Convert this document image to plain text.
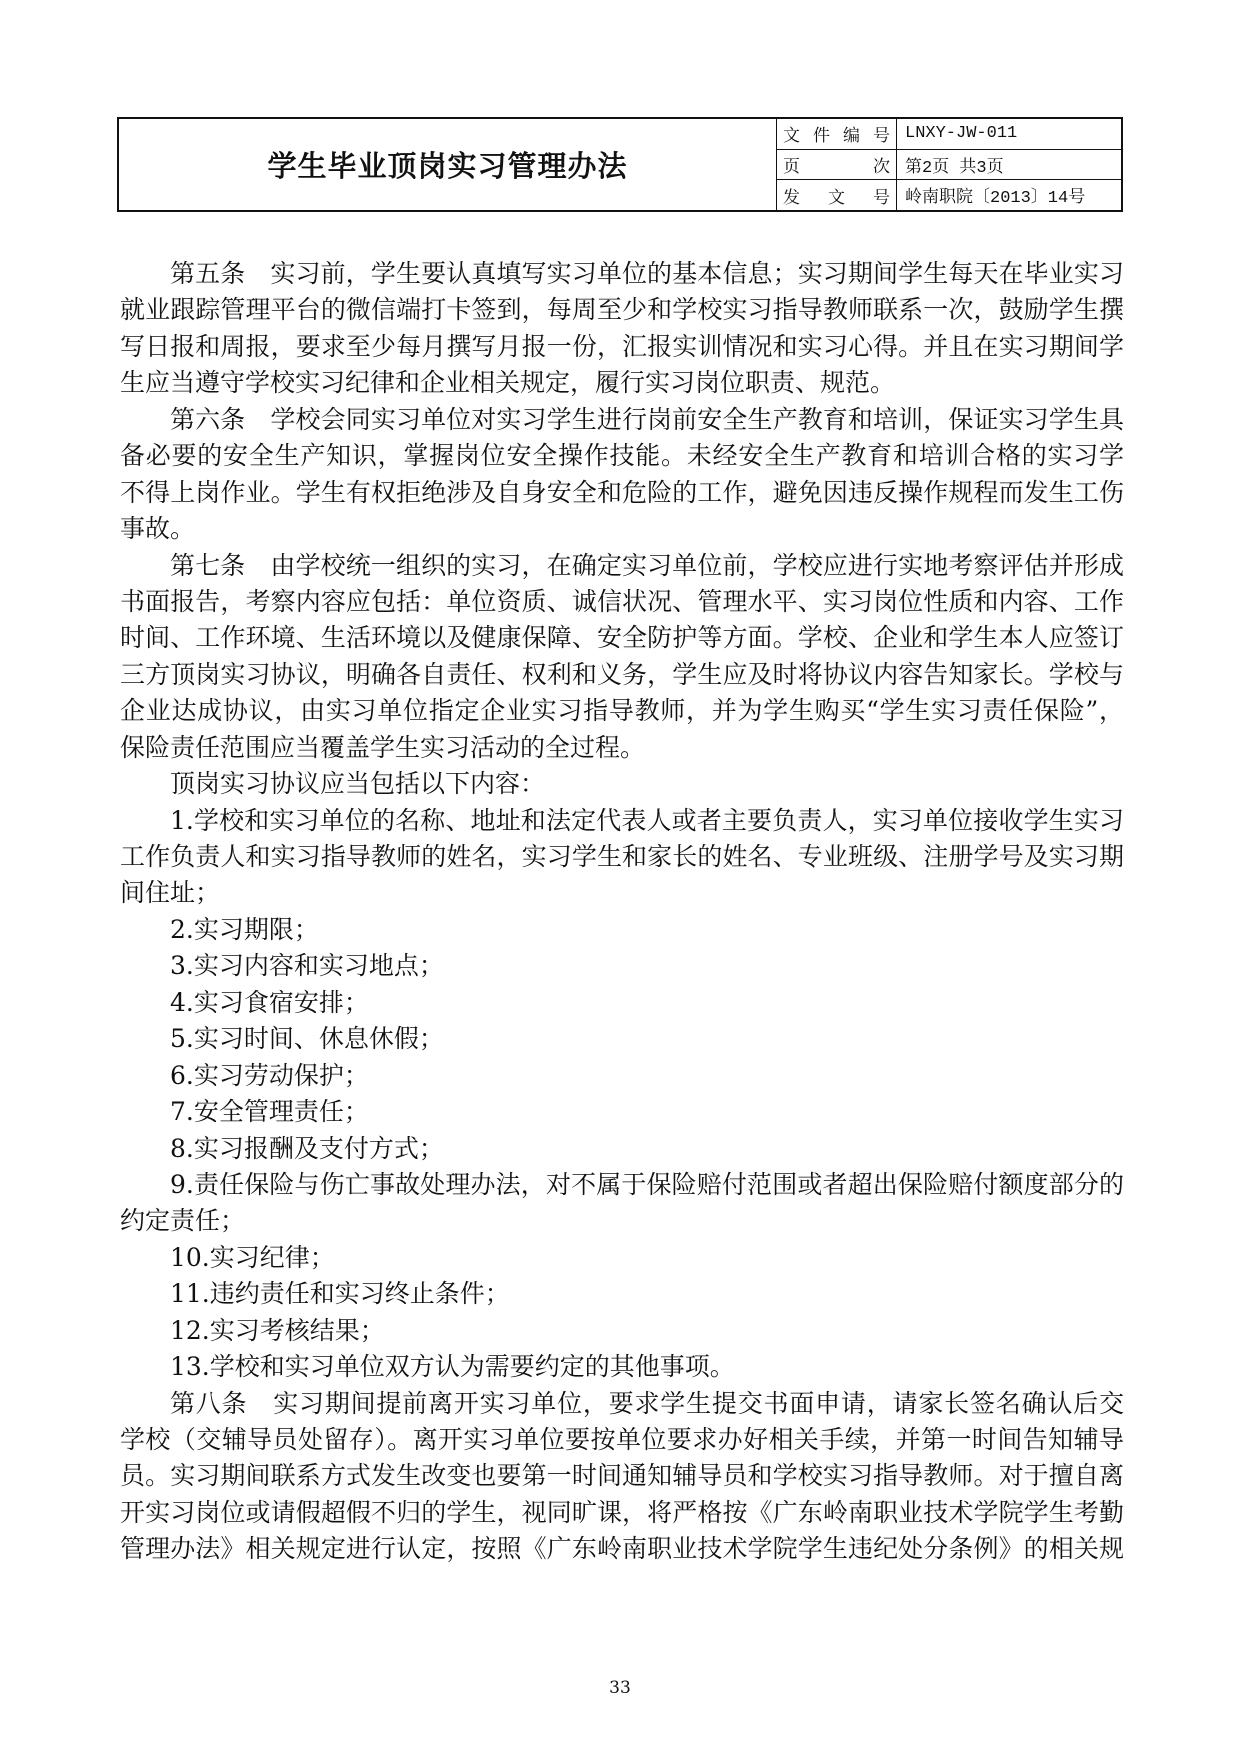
学生毕业顶岗实习管理办法
文件编号 LNXY-JW-011
页次 第2页 共3页
发文号 岭南职院〔2013〕14号
第五条　实习前，学生要认真填写实习单位的基本信息；实习期间学生每天在毕业实习
就业跟踪管理平台的微信端打卡签到，每周至少和学校实习指导教师联系一次，鼓励学生撰
写日报和周报，要求至少每月撰写月报一份，汇报实训情况和实习心得。并且在实习期间学
生应当遵守学校实习纪律和企业相关规定，履行实习岗位职责、规范。
第六条　学校会同实习单位对实习学生进行岗前安全生产教育和培训，保证实习学生具
备必要的安全生产知识，掌握岗位安全操作技能。未经安全生产教育和培训合格的实习学
不得上岗作业。学生有权拒绝涉及自身安全和危险的工作，避免因违反操作规程而发生工伤
事故。
第七条　由学校统一组织的实习，在确定实习单位前，学校应进行实地考察评估并形成
书面报告，考察内容应包括：单位资质、诚信状况、管理水平、实习岗位性质和内容、工作
时间、工作环境、生活环境以及健康保障、安全防护等方面。学校、企业和学生本人应签订
三方顶岗实习协议，明确各自责任、权利和义务，学生应及时将协议内容告知家长。学校与
企业达成协议，由实习单位指定企业实习指导教师，并为学生购买“学生实习责任保险”，
保险责任范围应当覆盖学生实习活动的全过程。
顶岗实习协议应当包括以下内容：
1.学校和实习单位的名称、地址和法定代表人或者主要负责人，实习单位接收学生实习
工作负责人和实习指导教师的姓名，实习学生和家长的姓名、专业班级、注册学号及实习期
间住址；
2.实习期限；
3.实习内容和实习地点；
4.实习食宿安排；
5.实习时间、休息休假；
6.实习劳动保护；
7.安全管理责任；
8.实习报酬及支付方式；
9.责任保险与伤亡事故处理办法，对不属于保险赔付范围或者超出保险赔付额度部分的
约定责任；
10.实习纪律；
11.违约责任和实习终止条件；
12.实习考核结果；
13.学校和实习单位双方认为需要约定的其他事项。
第八条　实习期间提前离开实习单位，要求学生提交书面申请，请家长签名确认后交
学校（交辅导员处留存）。离开实习单位要按单位要求办好相关手续，并第一时间告知辅导
员。实习期间联系方式发生改变也要第一时间通知辅导员和学校实习指导教师。对于擅自离
开实习岗位或请假超假不归的学生，视同旷课，将严格按《广东岭南职业技术学院学生考勤
管理办法》相关规定进行认定，按照《广东岭南职业技术学院学生违纪处分条例》的相关规
33
